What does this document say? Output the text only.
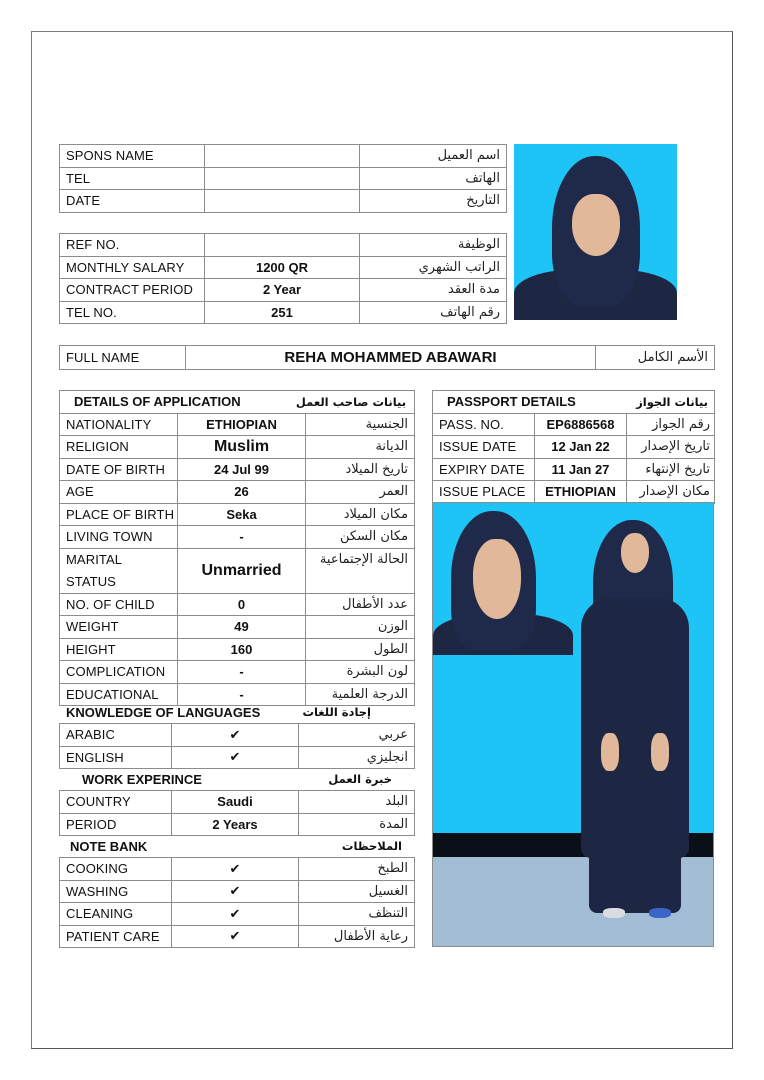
SPONS NAME		اسم العميل
TEL		الهاتف
DATE		التاريخ
REF NO.		الوظيفة
MONTHLY SALARY	1200 QR	الراتب الشهري
CONTRACT PERIOD	2 Year	مدة العقد
TEL NO.	251	رقم الهاتف
FULL NAME	REHA MOHAMMED ABAWARI	الأسم الكامل
DETAILS OF APPLICATION بيانات صاحب العمل		

NATIONALITY	ETHIOPIAN	الجنسية
RELIGION	Muslim	الديانة
DATE OF BIRTH	24 Jul 99	تاريخ الميلاد
AGE	26	العمر
PLACE OF BIRTH	Seka	مكان الميلاد
LIVING TOWN	-	مكان السكن

MARITAL STATUS	Unmarried	الحالة الإجتماعية
NO. OF CHILD	0	عدد الأطفال
WEIGHT	49	الوزن
HEIGHT	160	الطول
COMPLICATION	-	لون البشرة
EDUCATIONAL	-	الدرجة العلمية
KNOWLEDGE OF LANGUAGES	إجادة اللغات
ARABIC	✔	عربي
ENGLISH	✔	انجليزي
WORK EXPERINCE	خبرة العمل
COUNTRY	Saudi	البلد
PERIOD	2 Years	المدة
NOTE BANK	الملاحظات
COOKING	✔	الطبخ
WASHING	✔	الغسيل
CLEANING	✔	التنظف
PATIENT CARE	✔	رعاية الأطفال
PASSPORT DETAILS بيانات الجواز		

PASS. NO.	EP6886568	رقم الجواز
ISSUE DATE	12 Jan 22	تاريخ الإصدار
EXPIRY DATE	11 Jan 27	تاريخ الإنتهاء
ISSUE PLACE	ETHIOPIAN	مكان الإصدار
